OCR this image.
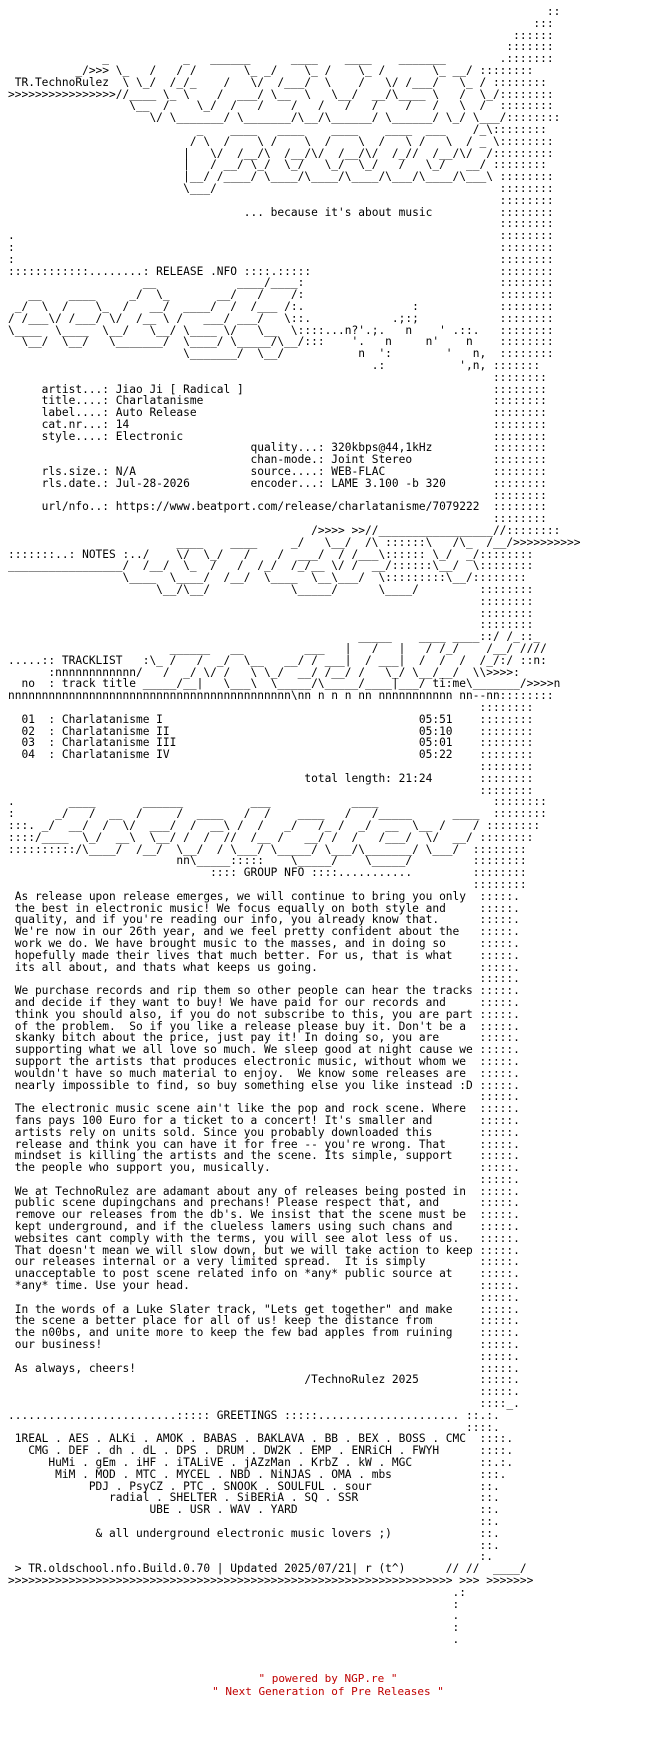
::
:::
::::::
:::::::
_           _   ______      ____    ____    _______        .:::::::
_/>>> \_   /   / /       \_ _/    \_ /    \_ /       \_ __/ ::::::::
TR.TechnoRulez  \ \_/  /_/_    /   \/  /___/  \    /   \/ /___/   \_ / ::::::::
>>>>>>>>>>>>>>>>//____ \_ \    /  ___/ \__  \   \__/  __/\____ \   /  \_/::::::::
\__  /    \_/  /   /    /   /   /   /    /   /   \  /  ::::::::
\/ \_______/ \_______/\__/\______/ \______/ \_/ \___/::::::::
_    ____   ____    ____    ____  ___    /_\::::::::
/ \  /    \ /    \  /    \  /   \ /   \  / _ \::::::::
|   \/  /__/\  /__/\/  /__/\/  /_//  /__/\/  /:::::::::
|   / __/ \_/  \_/   \_/  \_/   /   \_/   __/ ::::::::
|__/ /____/ \____/\____/\____/\___/\____/\___\ ::::::::
\___/                                          ::::::::
::::::::
... because it's about music          ::::::::
::::::::
.                                                                        ::::::::
:                                                                        ::::::::
:                                                                        ::::::::
::::::::::::........: RELEASE .NFO ::::.:::::                            ::::::::
__            ____/____:                             ::::::::
__    ____     _/  \_       __/   /    /:                             ::::::::
_/  \  /    \_  /   __/  ____/  /  /___ /:.                :            ::::::::
/ /___\/ /___/ \/  /__ \ /   ___/ ___/   \::.            .;:;            ::::::::
\____  \____  \__/   \__/ \____ \/   \__  \::::...n?'.;.   n    ' .::.   ::::::::
\__/  \__/   \_______/  \____/ \_____/\__/:::    '.   n     n'    n    ::::::::
\_______/  \__/           n  ':        '   n,  ::::::::
.:           ',n, :::::::
::::::::
artist...: Jiao Ji [ Radical ]                                     ::::::::
title....: Charlatanisme                                           ::::::::
label....: Auto Release                                            ::::::::
cat.nr...: 14                                                      ::::::::
style....: Electronic                                              ::::::::
quality...: 320kbps@44,1kHz         ::::::::
chan-mode.: Joint Stereo            ::::::::
rls.size.: N/A                 source....: WEB-FLAC                ::::::::
rls.date.: Jul-28-2026         encoder...: LAME 3.100 -b 320       ::::::::
::::::::
url/nfo..: https://www.beatport.com/release/charlatanisme/7079222  ::::::::
::::::::
/>>>> >>//_________________//::::::::
____    ____     _/   \__/  /\ ::::::\   /\_  /__/>>>>>>>>>>
:::::::..: NOTES :../    \/  \_/   /    /  ___/  / /___\:::::: \_/  _/::::::::
_________________/  /__/  \_  /   /  /_/  /_/__ \/ /  __/::::::\__/  \::::::::
\____  \____/  /__/  \____  \__\___/  \:::::::::\__/::::::::
\__/\__/            \_____/      \____/         ::::::::
::::::::
::::::::
::::::::
_____    ____ ____::/ /_::_
______   __         ___   |   /   |   / /_/    /__/ ////
.....:: TRACKLIST   :\_ /   /  _/  \__   __/ / ___|  / ___|  /  /  /  /_/:/ ::n:
:nnnnnnnnnnnn/   /  _/ \/ /   \ \_/  __/ /__/ /   \_/ \__/__/  \\>>>>:
no  : track title _____/__|   \___\  \_____/\_____/____|___/ ti:me\_______/>>>>n
nnnnnnnnnnnnnnnnnnnnnnnnnnnnnnnnnnnnnnnnnn\nn n n n nn nnnnnnnnnnn nn--nn::::::::
::::::::
01  : Charlatanisme I                                      05:51    ::::::::
02  : Charlatanisme II                                     05:10    ::::::::
03  : Charlatanisme III                                    05:01    ::::::::
04  : Charlatanisme IV                                     05:22    ::::::::
::::::::
total length: 21:24       ::::::::
::::::::
.        ____       ______          ___            ____                 ::::::::
:      _/   /  __  /     /  ____   /  /    ____   /   /_____      ____  ::::::::
:::. _/  __/  /  \/  ___/  /  __\ /  /   _/   /_ /  _/  __  \__ /    / ::::::::
::::/____  \_/  __\  \__/ /  /  //  /__ /   __/ /  /   /___/  \/  __/ ::::::::
::::::::::/\____/  /__/  \__/  / \___/ \_____/ \___/\_______/ \___/  ::::::::
nn\_____:::::    \_____/    \_____/         ::::::::
:::: GROUP NFO ::::...........         ::::::::
::::::::
As release upon release emerges, we will continue to bring you only  :::::.
the best in electronic music! We focus equally on both style and     :::::.
quality, and if you're reading our info, you already know that.      :::::.
We're now in our 26th year, and we feel pretty confident about the   :::::.
work we do. We have brought music to the masses, and in doing so     :::::.
hopefully made their lives that much better. For us, that is what    :::::.
its all about, and thats what keeps us going.                        :::::.
:::::.
We purchase records and rip them so other people can hear the tracks :::::.
and decide if they want to buy! We have paid for our records and     :::::.
think you should also, if you do not subscribe to this, you are part :::::.
of the problem.  So if you like a release please buy it. Don't be a  :::::.
skanky bitch about the price, just pay it! In doing so, you are      :::::.
supporting what we all love so much. We sleep good at night cause we :::::.
support the artists that produces electronic music, without whom we  :::::.
wouldn't have so much material to enjoy.  We know some releases are  :::::.
nearly impossible to find, so buy something else you like instead :D :::::.
:::::.
The electronic music scene ain't like the pop and rock scene. Where  :::::.
fans pays 100 Euro for a ticket to a concert! It's smaller and       :::::.
artists rely on units sold. Since you probably downloaded this       :::::.
release and think you can have it for free -- you're wrong. That     :::::.
mindset is killing the artists and the scene. Its simple, support    :::::.
the people who support you, musically.                               :::::.
:::::.
We at TechnoRulez are adamant about any of releases being posted in  :::::.
public scene dupingchans and prechans! Please respect that, and      :::::.
remove our releases from the db's. We insist that the scene must be  :::::.
kept underground, and if the clueless lamers using such chans and    :::::.
websites cant comply with the terms, you will see alot less of us.   :::::.
That doesn't mean we will slow down, but we will take action to keep :::::.
our releases internal or a very limited spread.  It is simply        :::::.
unacceptable to post scene related info on *any* public source at    :::::.
*any* time. Use your head.                                           :::::.
:::::.
In the words of a Luke Slater track, "Lets get together" and make    :::::.
the scene a better place for all of us! keep the distance from       :::::.
the n00bs, and unite more to keep the few bad apples from ruining    :::::.
our business!                                                        :::::.
:::::.
As always, cheers!                                                   :::::.
/TechnoRulez 2025         :::::.
:::::.
::::_.
.........................::::: GREETINGS :::::..................... ::.:.
::::.
1REAL . AES . ALKi . AMOK . BABAS . BAKLAVA . BB . BEX . BOSS . CMC  ::::.
CMG . DEF . dh . dL . DPS . DRUM . DW2K . EMP . ENRiCH . FWYH      ::::.
HuMi . gEm . iHF . iTALiVE . jAZzMan . KrbZ . kW . MGC          ::.:.
MiM . MOD . MTC . MYCEL . NBD . NiNJAS . OMA . mbs             :::.
PDJ . PsyCZ . PTC . SNOOK . SOULFUL . sour                ::.
radial . SHELTER . SiBERiA . SQ . SSR                  ::.
UBE . USR . WAV . YARD                           ::.
::.
& all underground electronic music lovers ;)             ::.
::.
:.
> TR.oldschool.nfo.Build.0.70 | Updated 2025/07/21| r (t^)      // //  ____/
>>>>>>>>>>>>>>>>>>>>>>>>>>>>>>>>>>>>>>>>>>>>>>>>>>>>>>>>>>>>>>>>>> >>> >>>>>>>
.:
:
.
:
.
" powered by NGP.re "
" Next Generation of Pre Releases "
